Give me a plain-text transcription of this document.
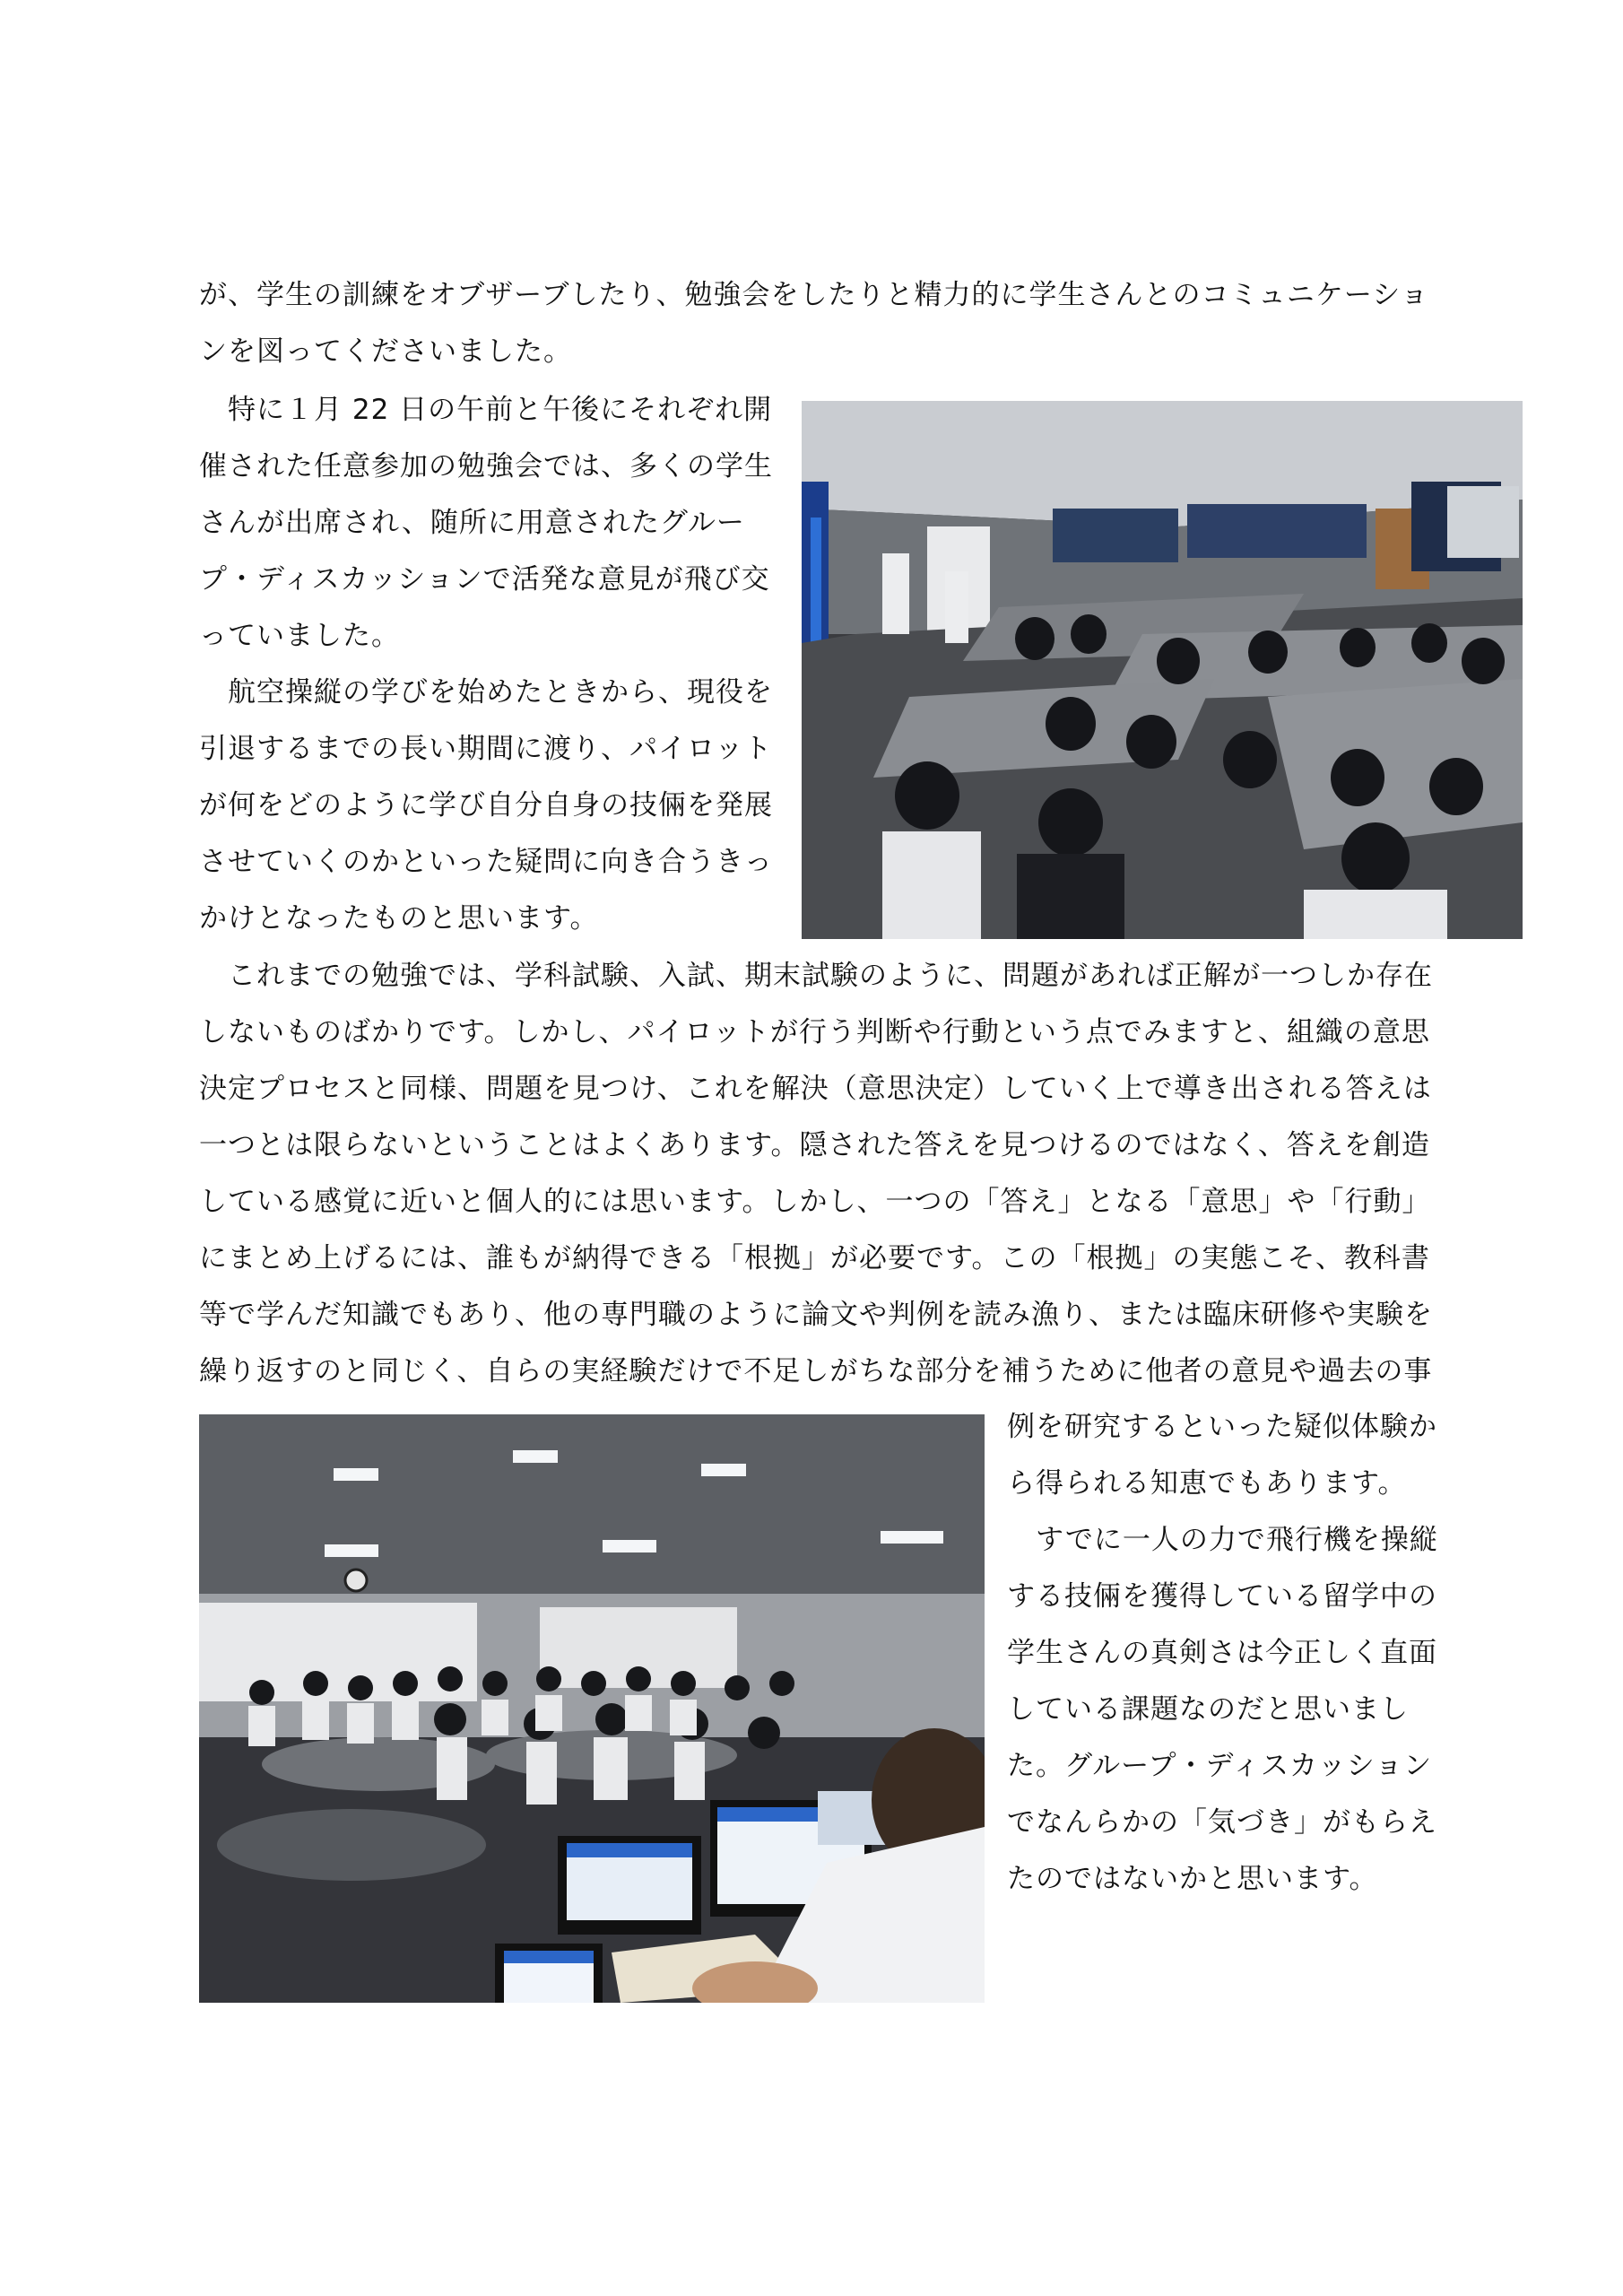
が、学生の訓練をオブザーブしたり、勉強会をしたりと精力的に学生さんとのコミュニケーショ
ンを図ってくださいました。
　特に１月 22 日の午前と午後にそれぞれ開
催された任意参加の勉強会では、多くの学生
さんが出席され、随所に用意されたグルー
プ・ディスカッションで活発な意見が飛び交
っていました。
　航空操縦の学びを始めたときから、現役を
引退するまでの長い期間に渡り、パイロット
が何をどのように学び自分自身の技倆を発展
させていくのかといった疑問に向き合うきっ
かけとなったものと思います。
　これまでの勉強では、学科試験、入試、期末試験のように、問題があれば正解が一つしか存在
しないものばかりです。しかし、パイロットが行う判断や行動という点でみますと、組織の意思
決定プロセスと同様、問題を見つけ、これを解決（意思決定）していく上で導き出される答えは
一つとは限らないということはよくあります。隠された答えを見つけるのではなく、答えを創造
している感覚に近いと個人的には思います。しかし、一つの「答え」となる「意思」や「行動」
にまとめ上げるには、誰もが納得できる「根拠」が必要です。この「根拠」の実態こそ、教科書
等で学んだ知識でもあり、他の専門職のように論文や判例を読み漁り、または臨床研修や実験を
繰り返すのと同じく、自らの実経験だけで不足しがちな部分を補うために他者の意見や過去の事
例を研究するといった疑似体験か
ら得られる知恵でもあります。
　すでに一人の力で飛行機を操縦
する技倆を獲得している留学中の
学生さんの真剣さは今正しく直面
している課題なのだと思いまし
た。グループ・ディスカッション
でなんらかの「気づき」がもらえ
たのではないかと思います。
